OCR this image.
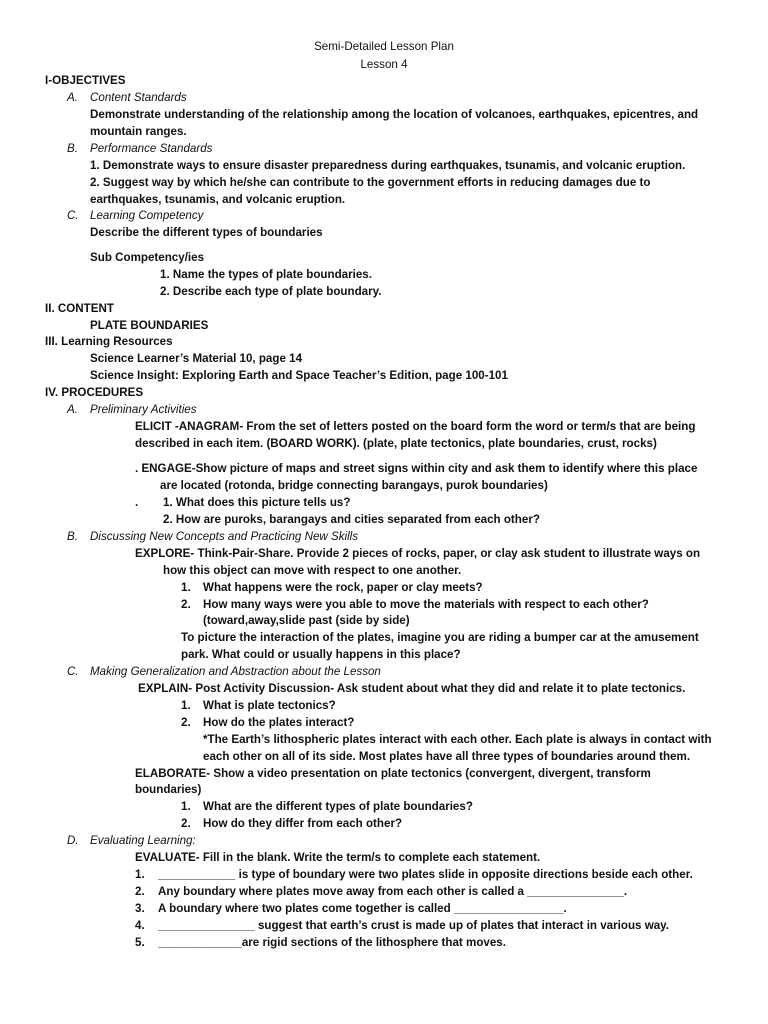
Semi-Detailed Lesson Plan
Lesson 4
I-OBJECTIVES
A. Content Standards
Demonstrate understanding of the relationship among the location of volcanoes, earthquakes, epicentres, and
mountain ranges.
B. Performance Standards
1. Demonstrate ways to ensure disaster preparedness during earthquakes, tsunamis, and volcanic eruption.
2. Suggest way by which he/she can contribute to the government efforts in reducing damages due to
earthquakes, tsunamis, and volcanic eruption.
C. Learning Competency
Describe the different types of boundaries
Sub Competency/ies
1. Name the types of plate boundaries.
2. Describe each type of plate boundary.
II. CONTENT
PLATE BOUNDARIES
III. Learning Resources
Science Learner’s Material 10, page 14
Science Insight: Exploring Earth and Space Teacher’s Edition, page 100-101
IV. PROCEDURES
A. Preliminary Activities
ELICIT -ANAGRAM- From the set of letters posted on the board form the word or term/s that are being
described in each item. (BOARD WORK). (plate, plate tectonics, plate boundaries, crust, rocks)
. ENGAGE-Show picture of maps and street signs within city and ask them to identify where this place
are located (rotonda, bridge connecting barangays, purok boundaries)
. 1. What does this picture tells us?
2. How are puroks, barangays and cities separated from each other?
B. Discussing New Concepts and Practicing New Skills
EXPLORE- Think-Pair-Share. Provide 2 pieces of rocks, paper, or clay ask student to illustrate ways on
how this object can move with respect to one another.
1. What happens were the rock, paper or clay meets?
2. How many ways were you able to move the materials with respect to each other?
(toward,away,slide past (side by side)
To picture the interaction of the plates, imagine you are riding a bumper car at the amusement
park. What could or usually happens in this place?
C. Making Generalization and Abstraction about the Lesson
EXPLAIN- Post Activity Discussion- Ask student about what they did and relate it to plate tectonics.
1. What is plate tectonics?
2. How do the plates interact?
*The Earth’s lithospheric plates interact with each other. Each plate is always in contact with
each other on all of its side. Most plates have all three types of boundaries around them.
ELABORATE- Show a video presentation on plate tectonics (convergent, divergent, transform
boundaries)
1. What are the different types of plate boundaries?
2. How do they differ from each other?
D. Evaluating Learning:
EVALUATE- Fill in the blank. Write the term/s to complete each statement.
1. ____________ is type of boundary were two plates slide in opposite directions beside each other.
2. Any boundary where plates move away from each other is called a _______________.
3. A boundary where two plates come together is called _________________.
4. _______________ suggest that earth’s crust is made up of plates that interact in various way.
5. _____________are rigid sections of the lithosphere that moves.
